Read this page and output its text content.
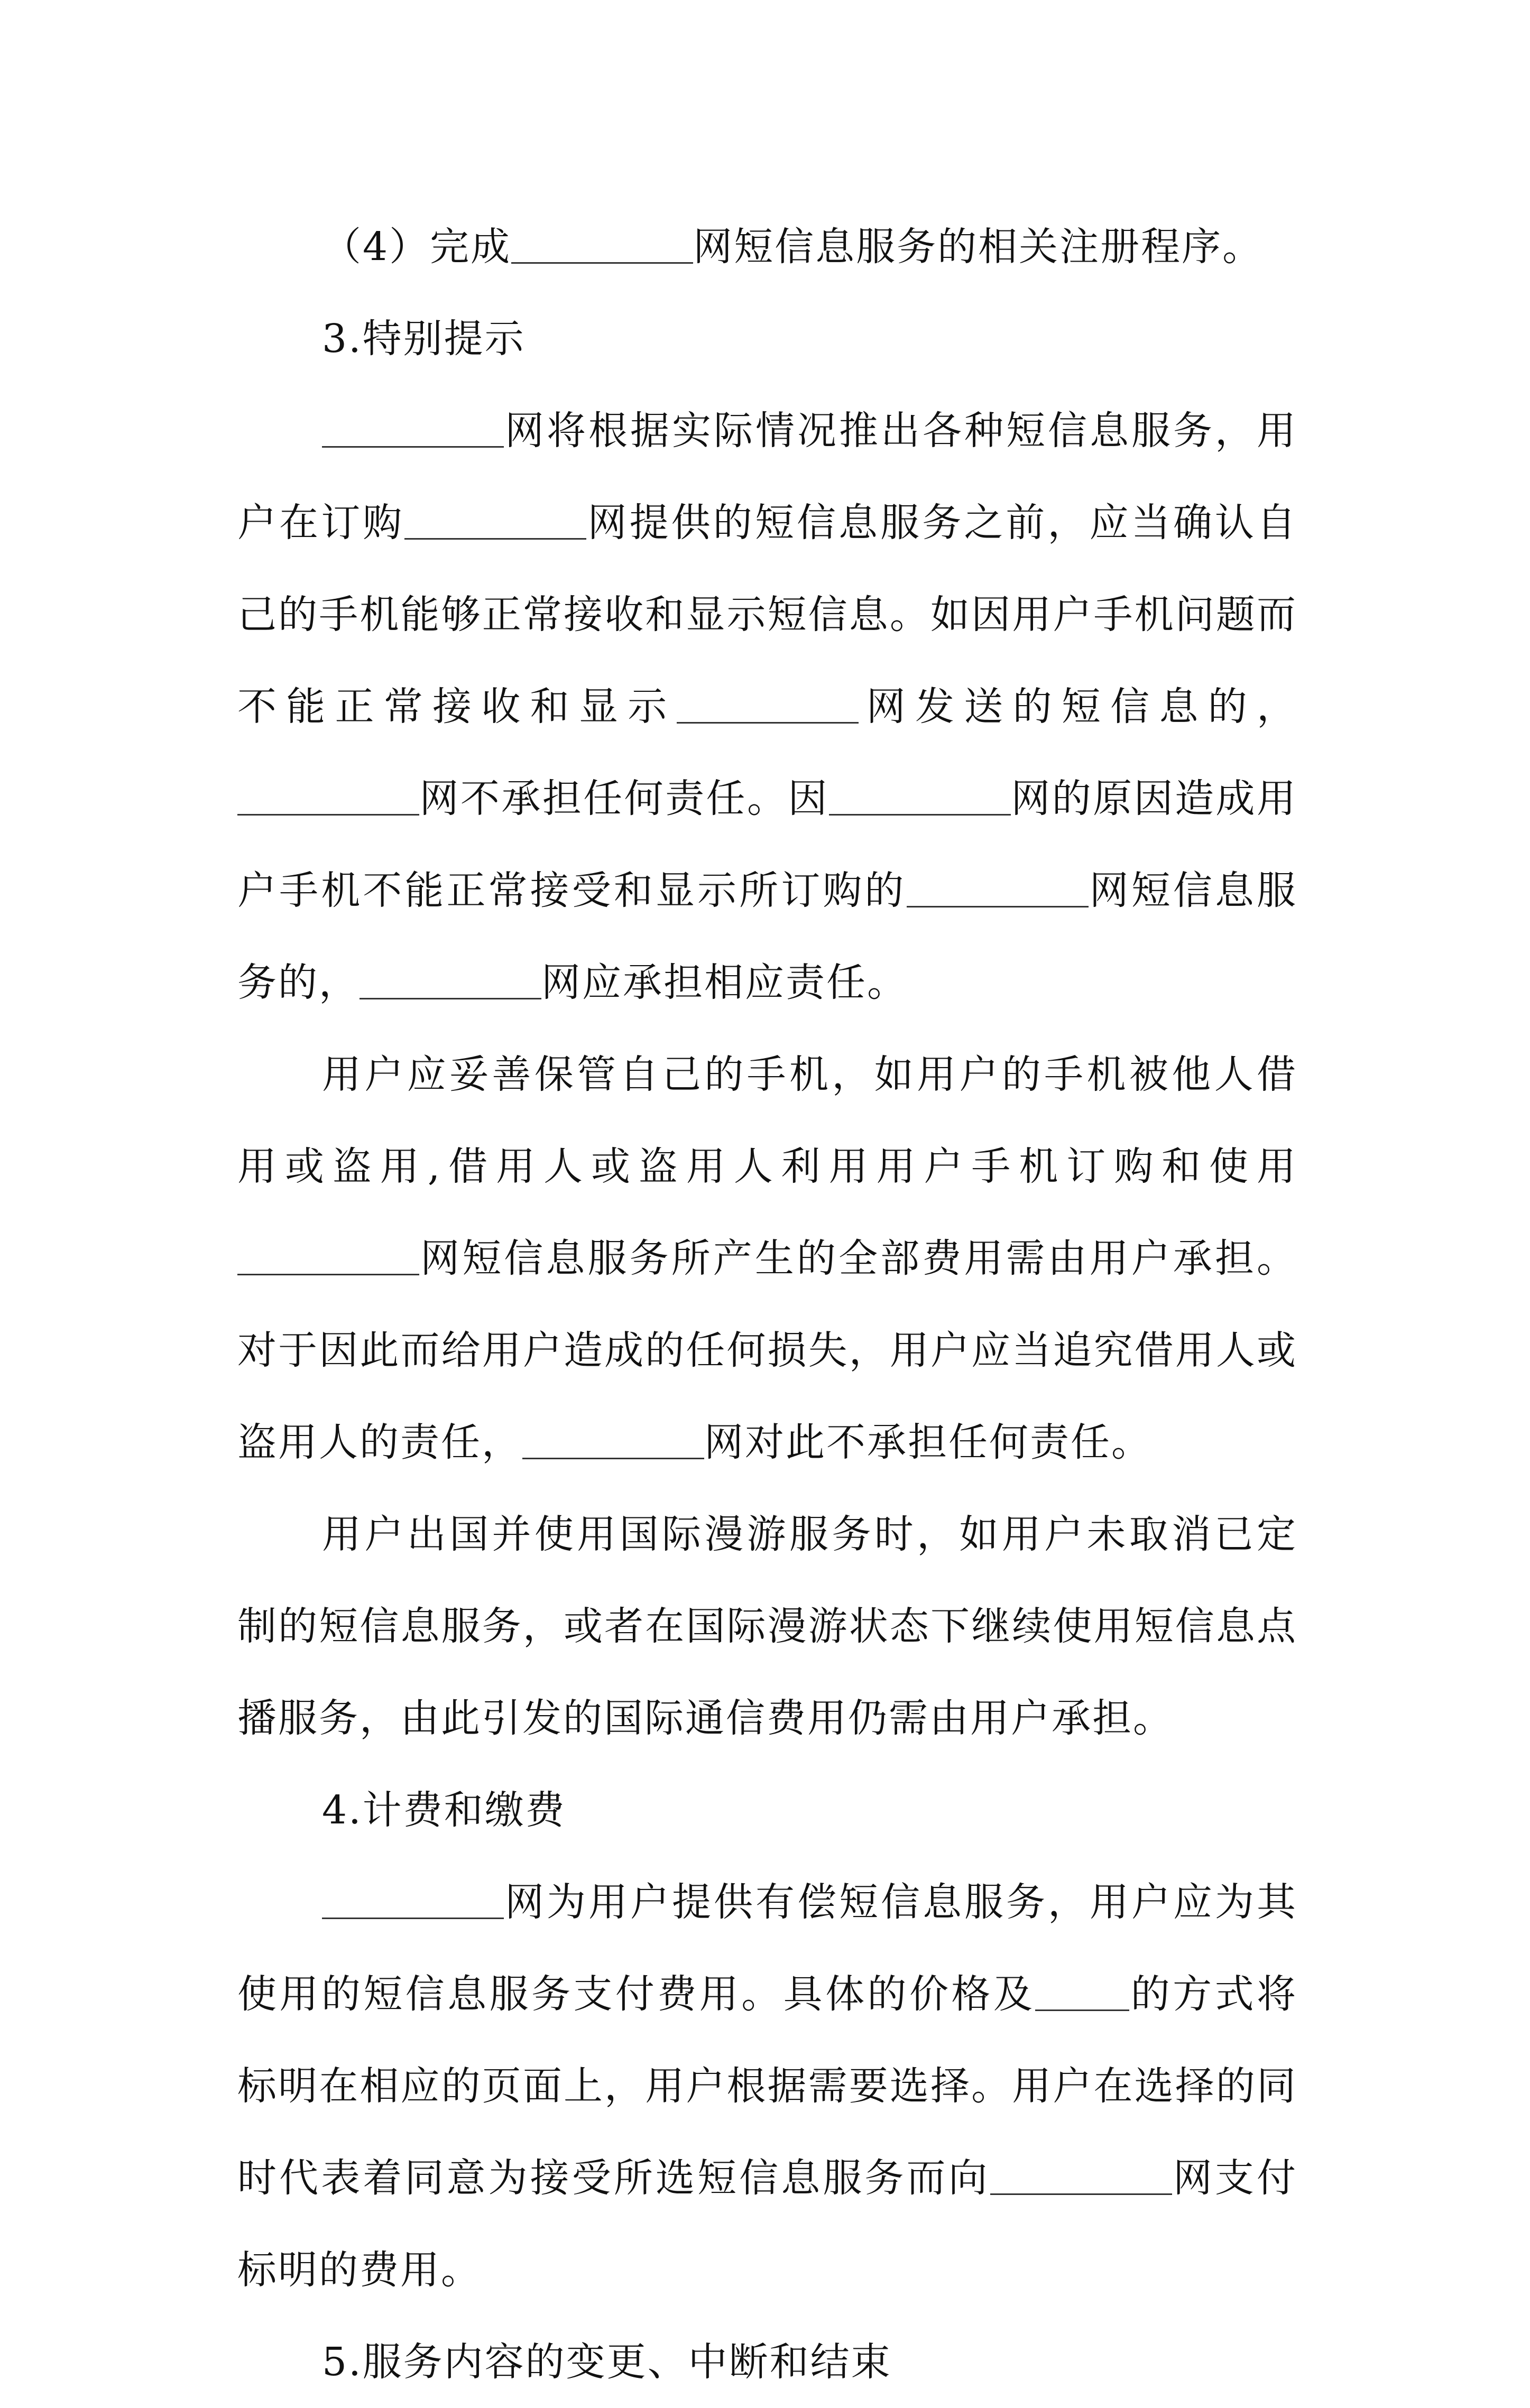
（4）完成	网短信息服务的相关注册程序。

3.特别提示

网将根据实际情况推出各种短信息服务，用户在订购	网提供的短信息服务之前，应当确认自己的手机能够正常接收和显示短信息。如因用户手机问题而不能正常接收和显示	网发送的短信息的，网不承担任何责任。因	网的原因造成用户手机不能正常接受和显示所订购的	网短信息服务的，	网应承担相应责任。

用户应妥善保管自己的手机，如用户的手机被他人借用或盗用,借用人或盗用人利用用户手机订购和使用网短信息服务所产生的全部费用需由用户承担。对于因此而给用户造成的任何损失，用户应当追究借用人或盗用人的责任，	网对此不承担任何责任。

用户出国并使用国际漫游服务时，如用户未取消已定制的短信息服务，或者在国际漫游状态下继续使用短信息点播服务，由此引发的国际通信费用仍需由用户承担。

4.计费和缴费

网为用户提供有偿短信息服务，用户应为其使用的短信息服务支付费用。具体的价格及 的方式将标明在相应的页面上，用户根据需要选择。用户在选择的同时代表着同意为接受所选短信息服务而向	网支付标明的费用。

5.服务内容的变更、中断和结束
